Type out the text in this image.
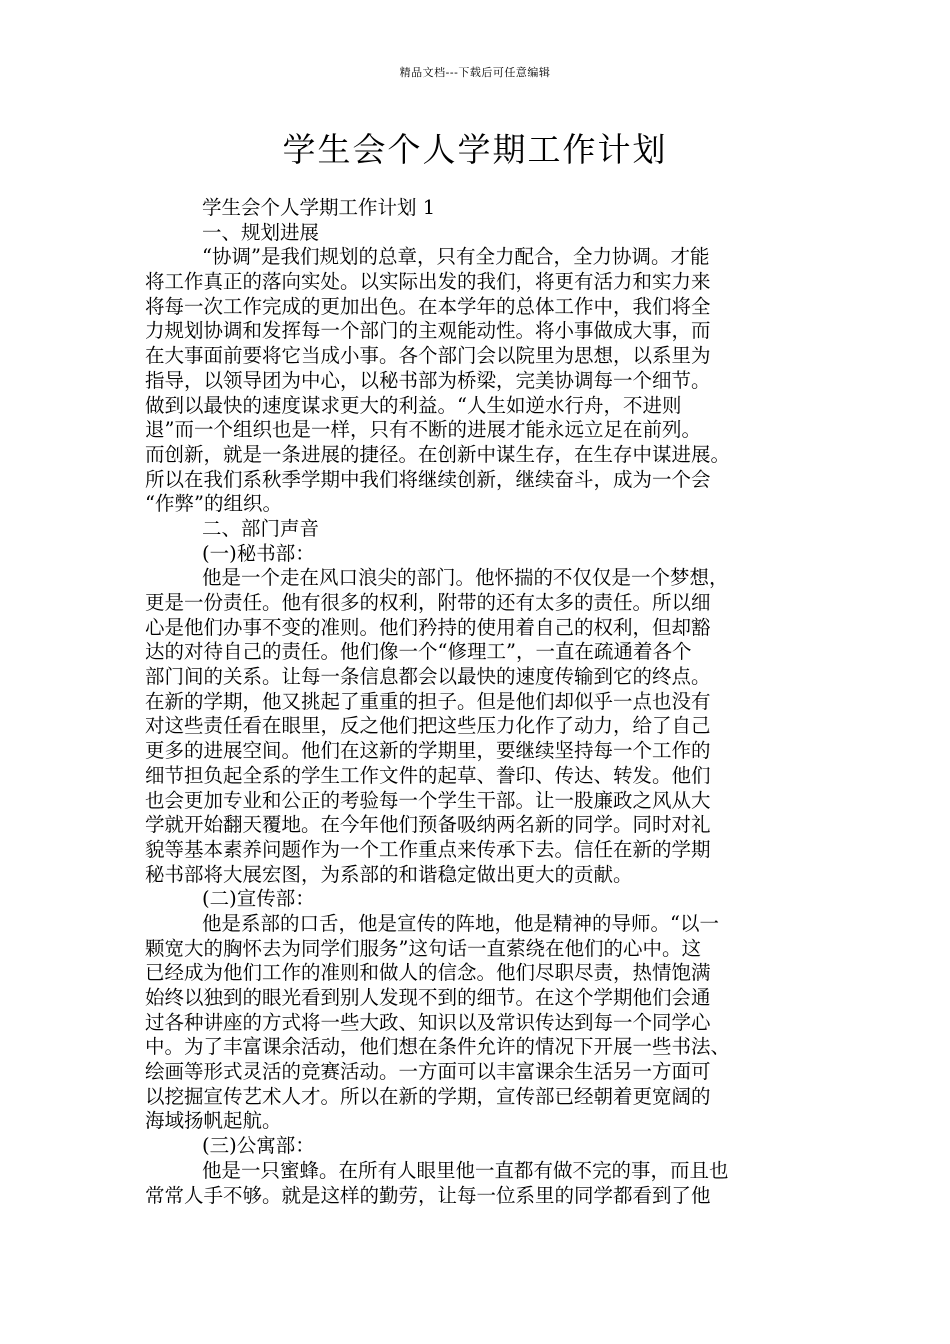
精品文档---下载后可任意编辑
学生会个人学期工作计划
学生会个人学期工作计划 1
一、规划进展
“协调”是我们规划的总章，只有全力配合，全力协调。才能
将工作真正的落向实处。以实际出发的我们，将更有活力和实力来
将每一次工作完成的更加出色。在本学年的总体工作中，我们将全
力规划协调和发挥每一个部门的主观能动性。将小事做成大事，而
在大事面前要将它当成小事。各个部门会以院里为思想，以系里为
指导，以领导团为中心，以秘书部为桥梁，完美协调每一个细节。
做到以最快的速度谋求更大的利益。“人生如逆水行舟，不进则
退”而一个组织也是一样，只有不断的进展才能永远立足在前列。
而创新，就是一条进展的捷径。在创新中谋生存，在生存中谋进展。
所以在我们系秋季学期中我们将继续创新，继续奋斗，成为一个会
“作弊”的组织。
二、部门声音
(一)秘书部：
他是一个走在风口浪尖的部门。他怀揣的不仅仅是一个梦想，
更是一份责任。他有很多的权利，附带的还有太多的责任。所以细
心是他们办事不变的准则。他们矜持的使用着自己的权利，但却豁
达的对待自己的责任。他们像一个“修理工”，一直在疏通着各个
部门间的关系。让每一条信息都会以最快的速度传输到它的终点。
在新的学期，他又挑起了重重的担子。但是他们却似乎一点也没有
对这些责任看在眼里，反之他们把这些压力化作了动力，给了自己
更多的进展空间。他们在这新的学期里，要继续坚持每一个工作的
细节担负起全系的学生工作文件的起草、誊印、传达、转发。他们
也会更加专业和公正的考验每一个学生干部。让一股廉政之风从大
学就开始翻天覆地。在今年他们预备吸纳两名新的同学。同时对礼
貌等基本素养问题作为一个工作重点来传承下去。信任在新的学期
秘书部将大展宏图，为系部的和谐稳定做出更大的贡献。
(二)宣传部：
他是系部的口舌，他是宣传的阵地，他是精神的导师。“以一
颗宽大的胸怀去为同学们服务”这句话一直萦绕在他们的心中。这
已经成为他们工作的准则和做人的信念。他们尽职尽责，热情饱满
始终以独到的眼光看到别人发现不到的细节。在这个学期他们会通
过各种讲座的方式将一些大政、知识以及常识传达到每一个同学心
中。为了丰富课余活动，他们想在条件允许的情况下开展一些书法、
绘画等形式灵活的竞赛活动。一方面可以丰富课余生活另一方面可
以挖掘宣传艺术人才。所以在新的学期，宣传部已经朝着更宽阔的
海域扬帆起航。
(三)公寓部：
他是一只蜜蜂。在所有人眼里他一直都有做不完的事，而且也
常常人手不够。就是这样的勤劳，让每一位系里的同学都看到了他
